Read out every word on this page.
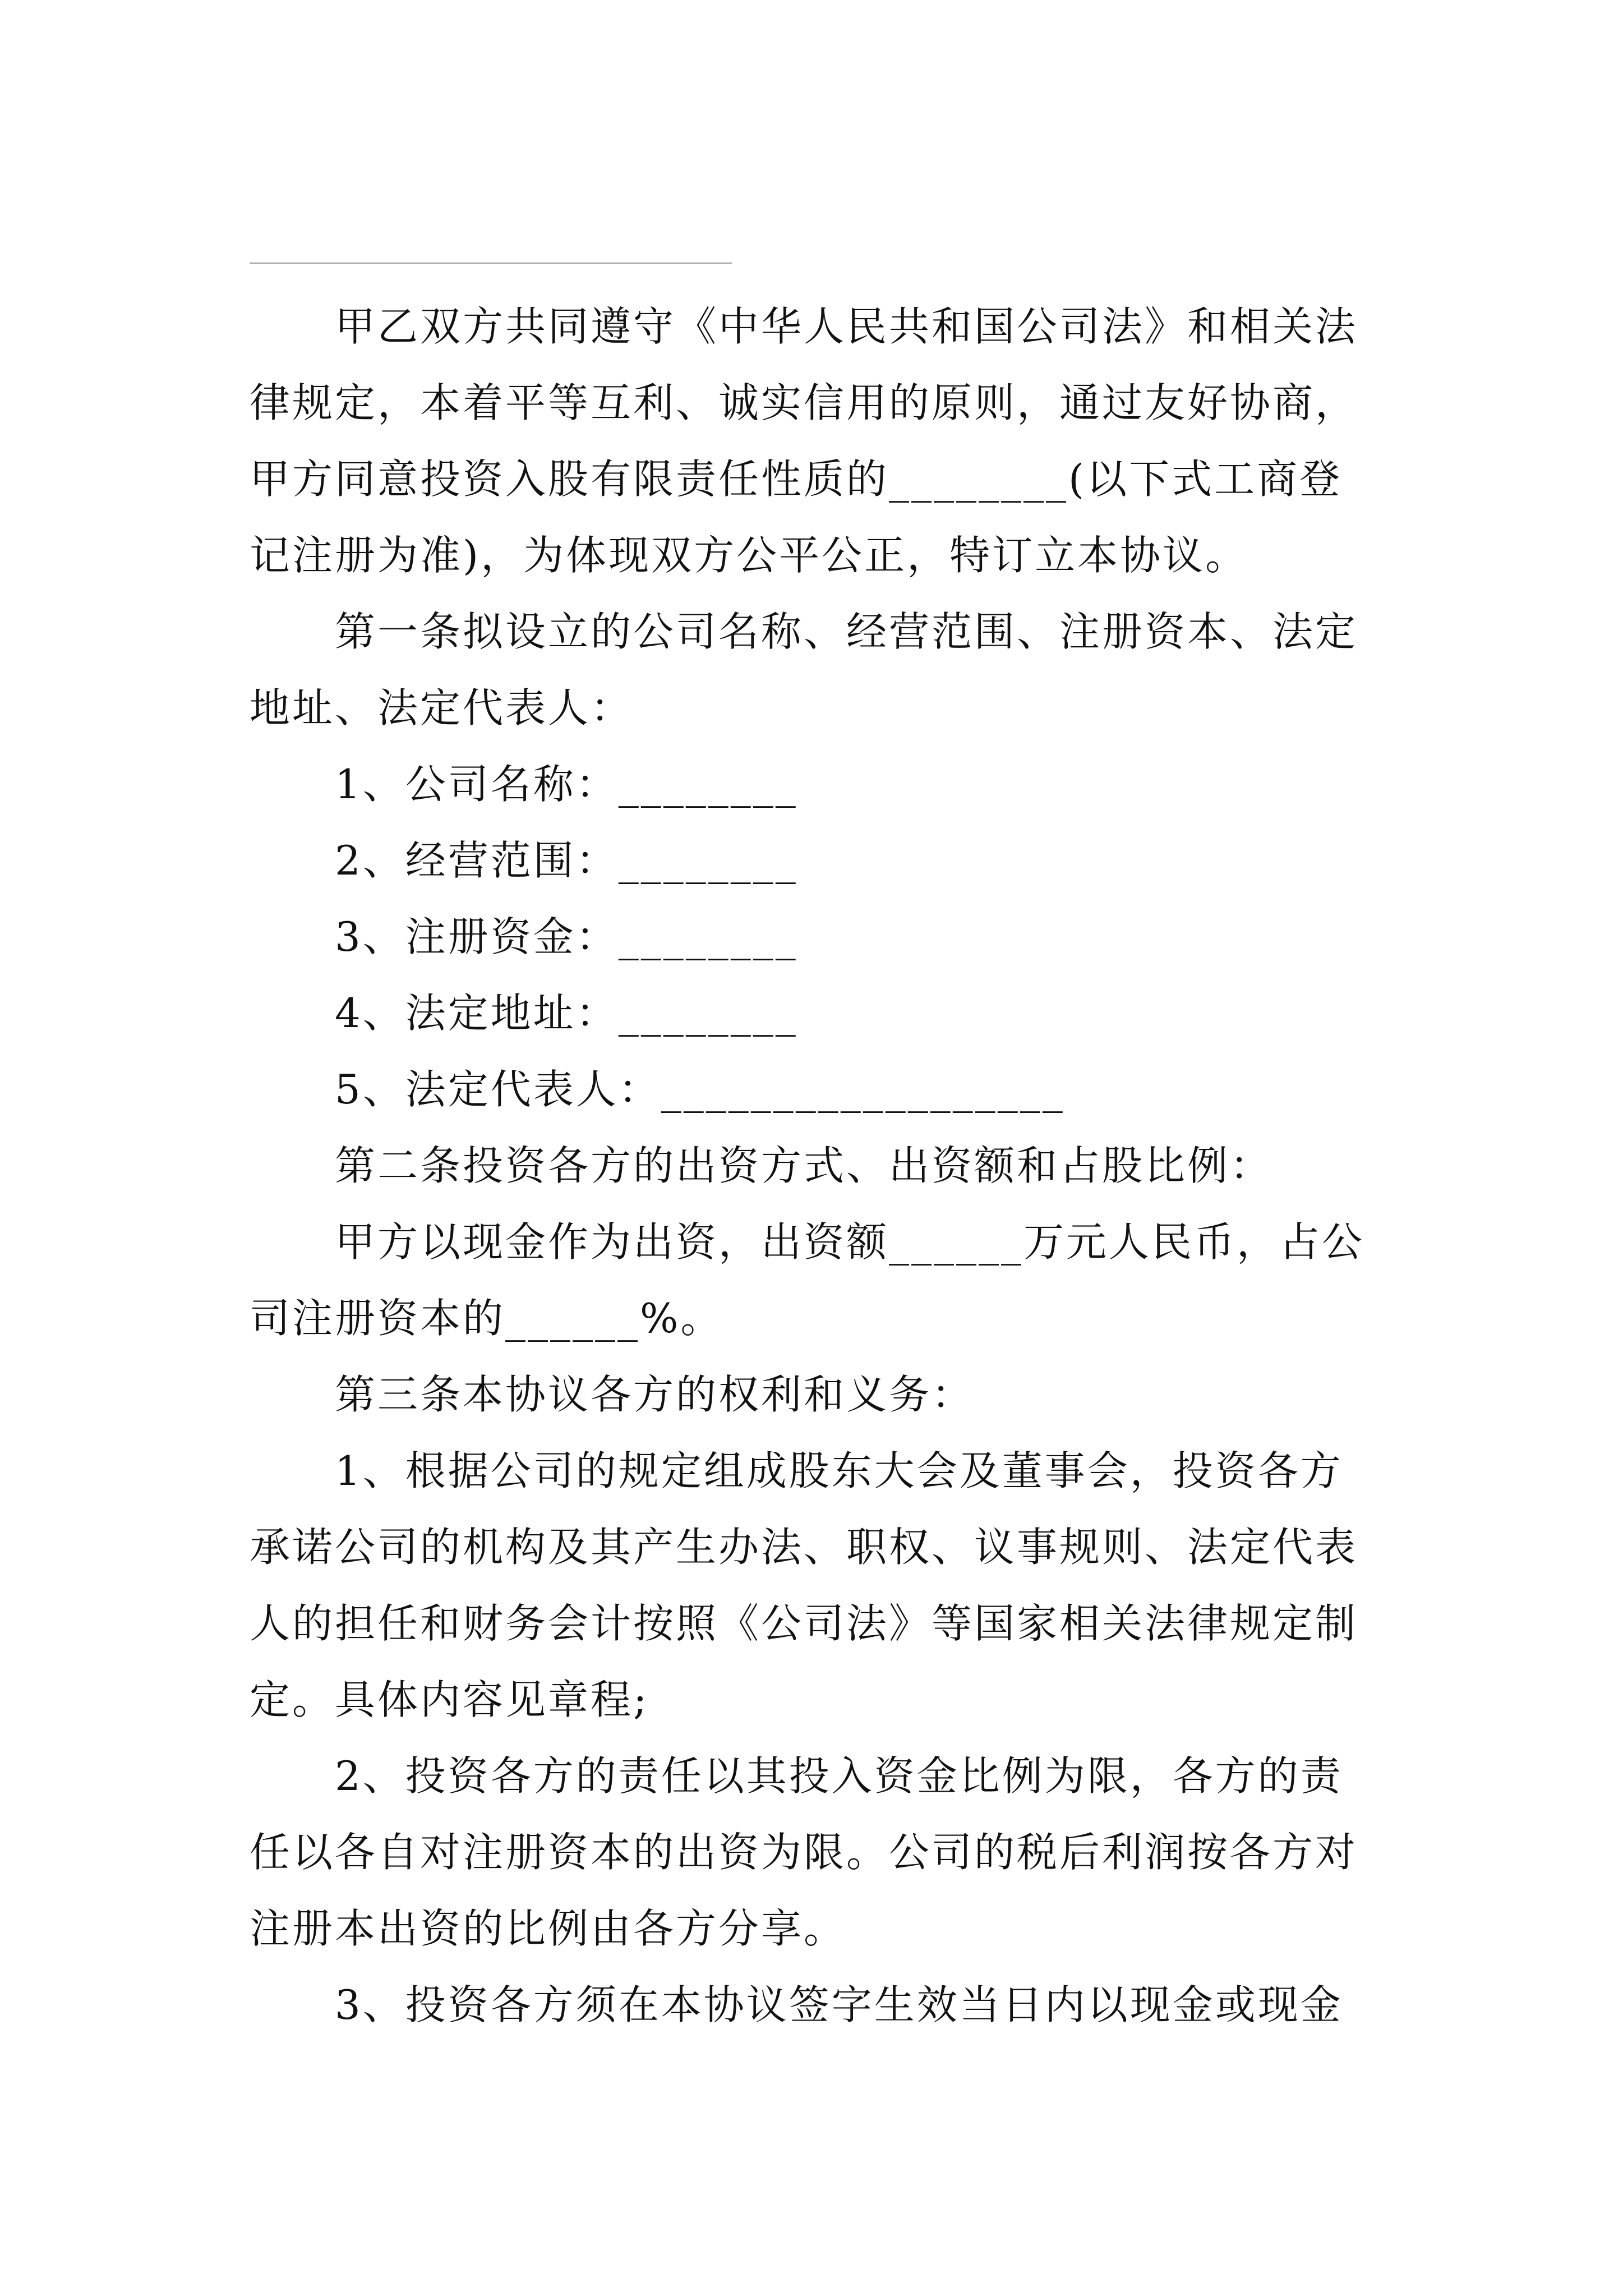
甲乙双方共同遵守《中华人民共和国公司法》和相关法
律规定，本着平等互利、诚实信用的原则，通过友好协商，
甲方同意投资入股有限责任性质的________(以下式工商登
记注册为准)，为体现双方公平公正，特订立本协议。
第一条拟设立的公司名称、经营范围、注册资本、法定
地址、法定代表人：
1、公司名称：________
2、经营范围：________
3、注册资金：________
4、法定地址：________
5、法定代表人：__________________
第二条投资各方的出资方式、出资额和占股比例：
甲方以现金作为出资，出资额______万元人民币，占公
司注册资本的______%。
第三条本协议各方的权利和义务：
1、根据公司的规定组成股东大会及董事会，投资各方
承诺公司的机构及其产生办法、职权、议事规则、法定代表
人的担任和财务会计按照《公司法》等国家相关法律规定制
定。具体内容见章程;
2、投资各方的责任以其投入资金比例为限，各方的责
任以各自对注册资本的出资为限。公司的税后利润按各方对
注册本出资的比例由各方分享。
3、投资各方须在本协议签字生效当日内以现金或现金
